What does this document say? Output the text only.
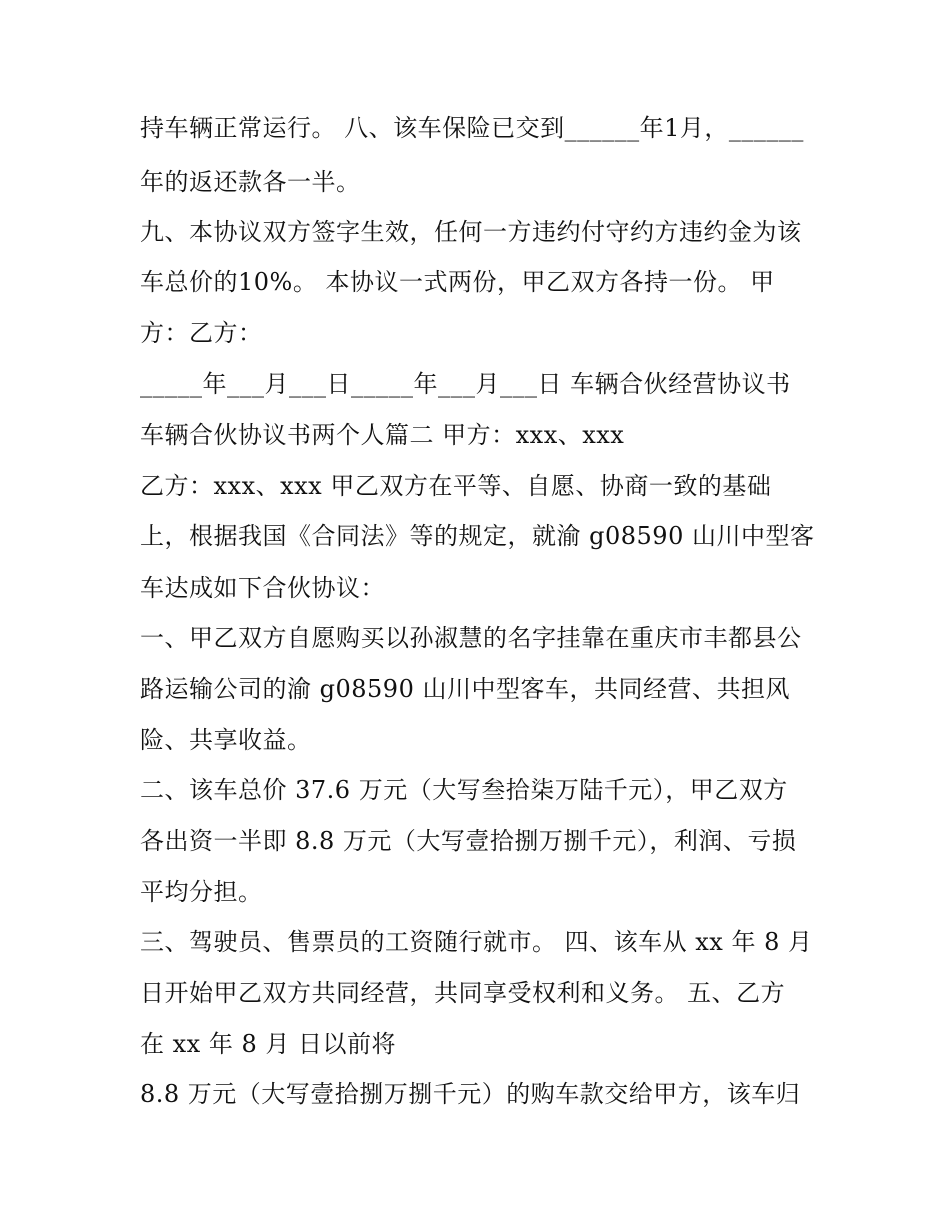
持车辆正常运行。 八、该车保险已交到______年1月，______
年的返还款各一半。
九、本协议双方签字生效，任何一方违约付守约方违约金为该
车总价的10%。 本协议一式两份，甲乙双方各持一份。 甲
方：乙方：
_____年___月___日_____年___月___日 车辆合伙经营协议书
车辆合伙协议书两个人篇二 甲方：xxx、xxx
乙方：xxx、xxx 甲乙双方在平等、自愿、协商一致的基础
上，根据我国《合同法》等的规定，就渝 g08590 山川中型客
车达成如下合伙协议：
一、甲乙双方自愿购买以孙淑慧的名字挂靠在重庆市丰都县公
路运输公司的渝 g08590 山川中型客车，共同经营、共担风
险、共享收益。
二、该车总价 37.6 万元（大写叁拾柒万陆千元），甲乙双方
各出资一半即 8.8 万元（大写壹拾捌万捌千元），利润、亏损
平均分担。
三、驾驶员、售票员的工资随行就市。 四、该车从 xx 年 8 月
日开始甲乙双方共同经营，共同享受权利和义务。 五、乙方
在 xx 年 8 月 日以前将
8.8 万元（大写壹拾捌万捌千元）的购车款交给甲方，该车归
